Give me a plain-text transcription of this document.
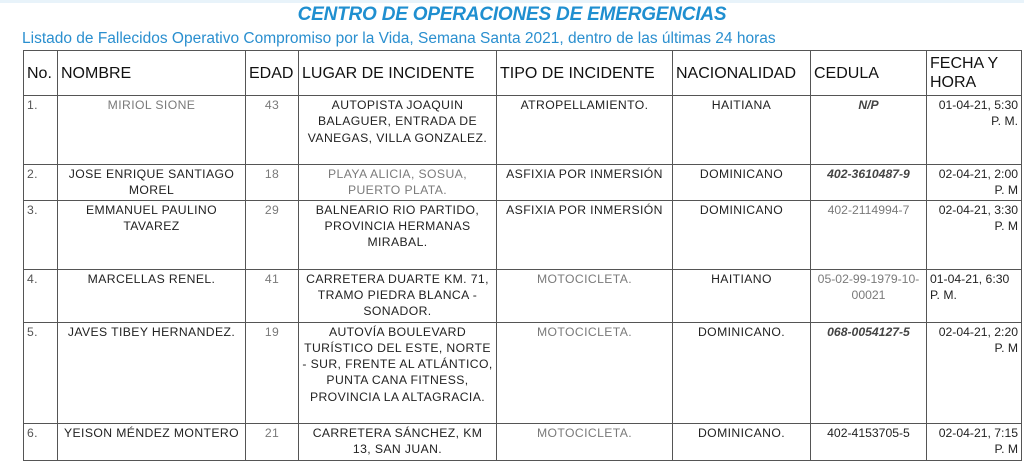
CENTRO DE OPERACIONES DE EMERGENCIAS
Listado de Fallecidos Operativo Compromiso por la Vida, Semana Santa 2021, dentro de las últimas 24 horas
No.	NOMBRE	EDAD	LUGAR DE INCIDENTE	TIPO DE INCIDENTE	NACIONALIDAD	CEDULA	FECHA Y HORA
1.	MIRIOL SIONE	43	AUTOPISTA JOAQUIN BALAGUER, ENTRADA DE VANEGAS, VILLA GONZALEZ.	ATROPELLAMIENTO.	HAITIANA	N/P	01-04-21, 5:30 P. M.
2.	JOSE ENRIQUE SANTIAGO MOREL	18	PLAYA ALICIA, SOSUA, PUERTO PLATA.	ASFIXIA POR INMERSIÓN	DOMINICANO	402-3610487-9	02-04-21, 2:00 P. M
3.	EMMANUEL PAULINO TAVAREZ	29	BALNEARIO RIO PARTIDO, PROVINCIA HERMANAS MIRABAL.	ASFIXIA POR INMERSIÓN	DOMINICANO	402-2114994-7	02-04-21, 3:30 P. M
4.	MARCELLAS RENEL.	41	CARRETERA DUARTE KM. 71, TRAMO PIEDRA BLANCA - SONADOR.	MOTOCICLETA.	HAITIANO	05-02-99-1979-10-00021	01-04-21, 6:30 P. M.
5.	JAVES TIBEY HERNANDEZ.	19	AUTOVÍA BOULEVARD TURÍSTICO DEL ESTE, NORTE - SUR, FRENTE AL ATLÁNTICO, PUNTA CANA FITNESS, PROVINCIA LA ALTAGRACIA.	MOTOCICLETA.	DOMINICANO.	068-0054127-5	02-04-21, 2:20 P. M
6.	YEISON MÉNDEZ MONTERO	21	CARRETERA SÁNCHEZ, KM 13, SAN JUAN.	MOTOCICLETA.	DOMINICANO.	402-4153705-5	02-04-21, 7:15 P. M
